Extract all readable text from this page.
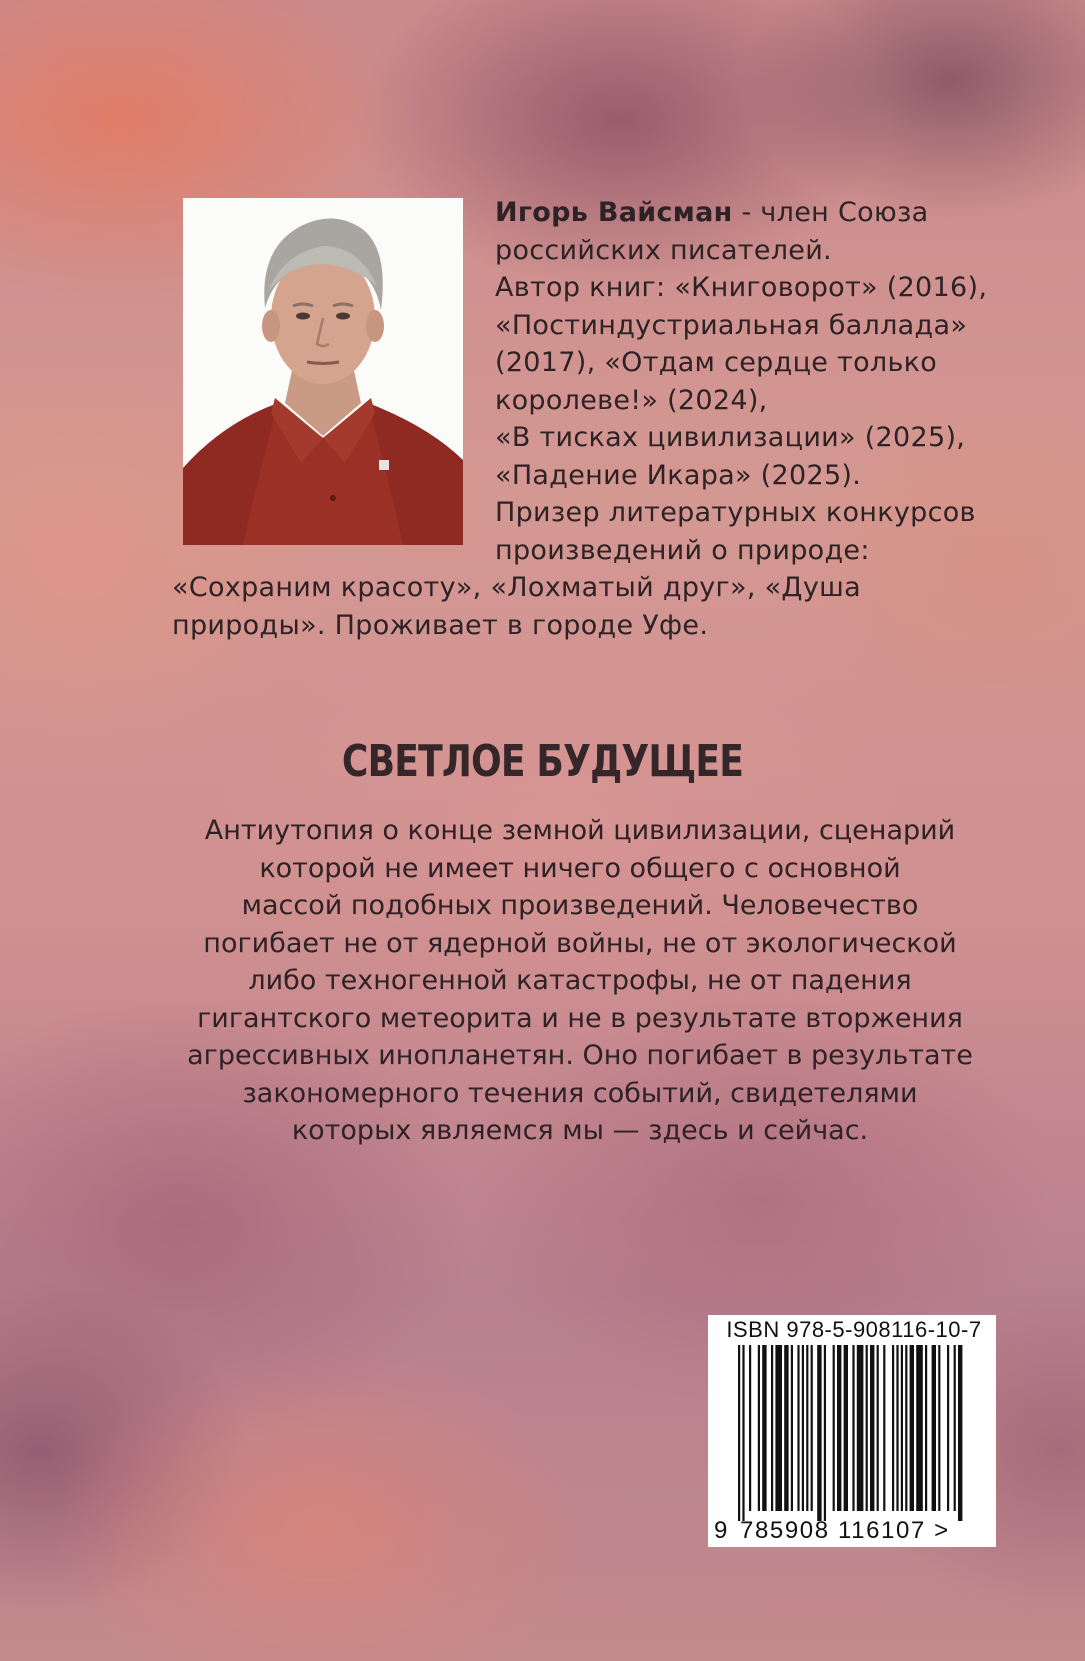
Игорь Вайсман - член Союза
российских писателей.
Автор книг: «Книговорот» (2016),
«Постиндустриальная баллада»
(2017), «Отдам сердце только
королеве!» (2024),
«В тисках цивилизации» (2025),
«Падение Икара» (2025).
Призер литературных конкурсов
произведений о природе:
«Сохраним красоту», «Лохматый друг», «Душа
природы». Проживает в городе Уфе.
СВЕТЛОЕ БУДУЩЕЕ
Антиутопия о конце земной цивилизации, сценарий
которой не имеет ничего общего с основной
массой подобных произведений. Человечество
погибает не от ядерной войны, не от экологической
либо техногенной катастрофы, не от падения
гигантского метеорита и не в результате вторжения
агрессивных инопланетян. Оно погибает в результате
закономерного течения событий, свидетелями
которых являемся мы — здесь и сейчас.
ISBN 978-5-908116-10-7
9 785908 116107 >
